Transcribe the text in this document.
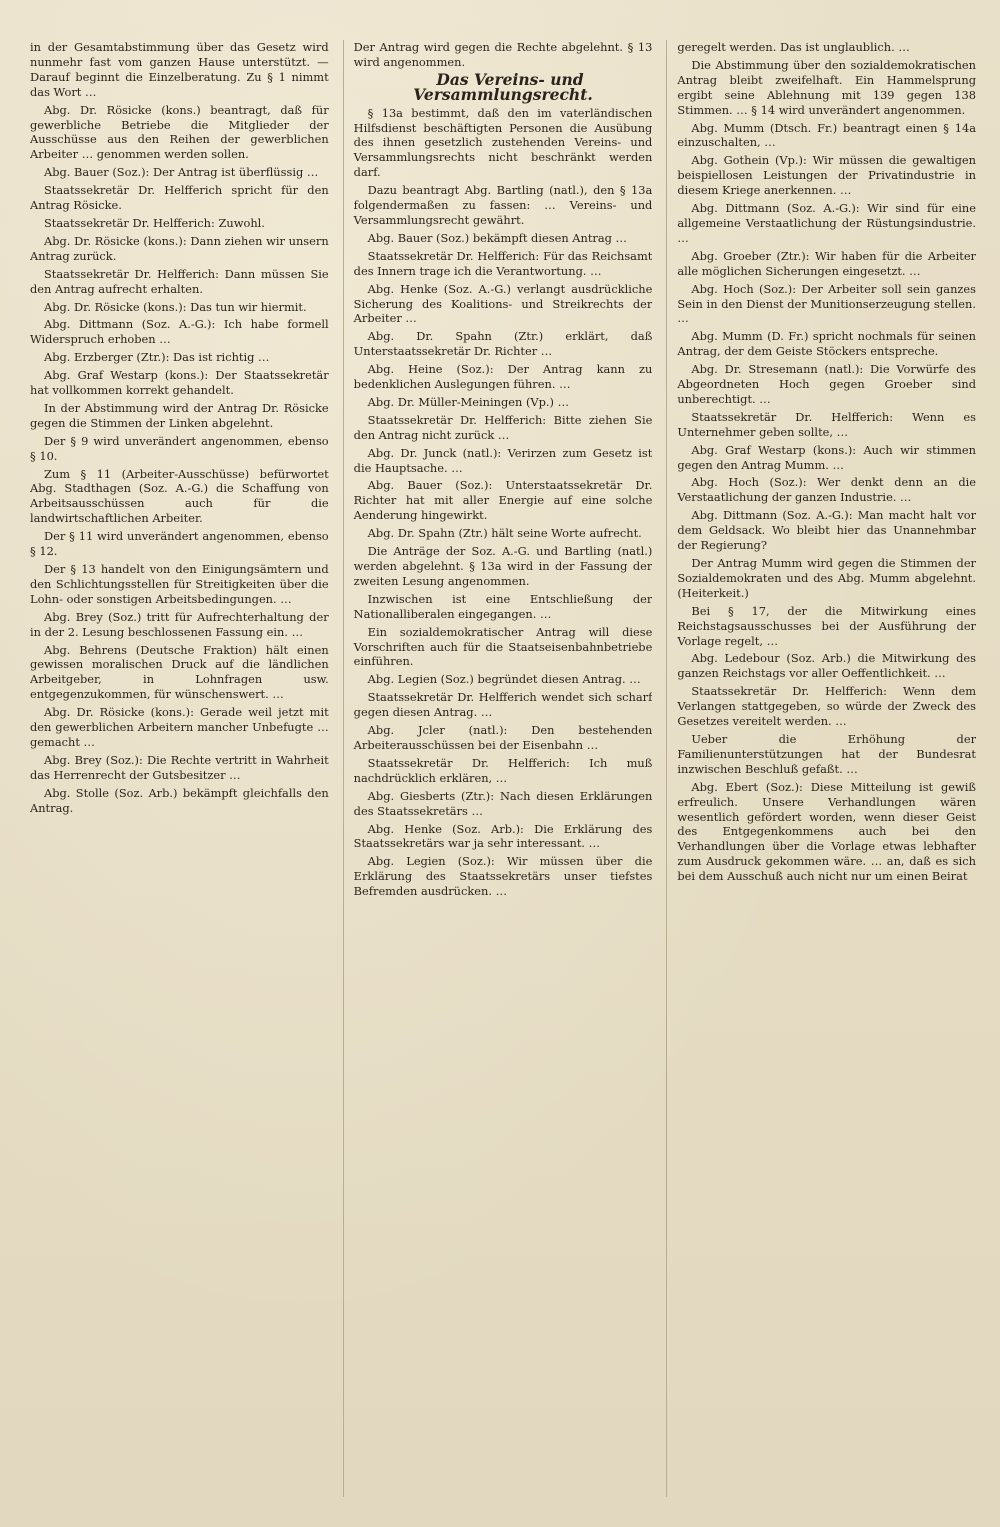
in der Gesamtabstimmung über das Gesetz wird nunmehr fast vom ganzen Hause unterstützt. — Darauf beginnt die Einzelberatung. Zu § 1 nimmt das Wort …

Abg. Dr. Rösicke (kons.) beantragt, daß für gewerbliche Betriebe die Mitglieder der Ausschüsse aus den Reihen der gewerblichen Arbeiter … genommen werden sollen.

Abg. Bauer (Soz.): Der Antrag ist überflüssig …

Staatssekretär Dr. Helfferich spricht für den Antrag Rösicke.

Staatssekretär Dr. Helfferich: Zuwohl.

Abg. Dr. Rösicke (kons.): Dann ziehen wir unsern Antrag zurück.

Staatssekretär Dr. Helfferich: Dann müssen Sie den Antrag aufrecht erhalten.

Abg. Dr. Rösicke (kons.): Das tun wir hiermit.

Abg. Dittmann (Soz. A.-G.): Ich habe formell Widerspruch erhoben …

Abg. Erzberger (Ztr.): Das ist richtig …

Abg. Graf Westarp (kons.): Der Staatssekretär hat vollkommen korrekt gehandelt.

In der Abstimmung wird der Antrag Dr. Rösicke gegen die Stimmen der Linken abgelehnt.

Der § 9 wird unverändert angenommen, ebenso § 10.

Zum § 11 (Arbeiter-Ausschüsse) befürwortet Abg. Stadthagen (Soz. A.-G.) die Schaffung von Arbeitsausschüssen auch für die landwirtschaftlichen Arbeiter.

Der § 11 wird unverändert angenommen, ebenso § 12.

Der § 13 handelt von den Einigungsämtern und den Schlichtungsstellen für Streitigkeiten über die Lohn- oder sonstigen Arbeitsbedingungen. …

Abg. Brey (Soz.) tritt für Aufrechterhaltung der in der 2. Lesung beschlossenen Fassung ein. …

Abg. Behrens (Deutsche Fraktion) hält einen gewissen moralischen Druck auf die ländlichen Arbeitgeber, in Lohnfragen usw. entgegenzukommen, für wünschenswert. …

Abg. Dr. Rösicke (kons.): Gerade weil jetzt mit den gewerblichen Arbeitern mancher Unbefugte … gemacht …

Abg. Brey (Soz.): Die Rechte vertritt in Wahrheit das Herrenrecht der Gutsbesitzer …

Abg. Stolle (Soz. Arb.) bekämpft gleichfalls den Antrag.

Der Antrag wird gegen die Rechte abgelehnt. § 13 wird angenommen.

Das Vereins- und Versammlungsrecht.

§ 13a bestimmt, daß den im vaterländischen Hilfsdienst beschäftigten Personen die Ausübung des ihnen gesetzlich zustehenden Vereins- und Versammlungsrechts nicht beschränkt werden darf.

Dazu beantragt Abg. Bartling (natl.), den § 13a folgendermaßen zu fassen: … Vereins- und Versammlungsrecht gewährt.

Abg. Bauer (Soz.) bekämpft diesen Antrag …

Staatssekretär Dr. Helfferich: Für das Reichsamt des Innern trage ich die Verantwortung. …

Abg. Henke (Soz. A.-G.) verlangt ausdrückliche Sicherung des Koalitions- und Streikrechts der Arbeiter …

Abg. Dr. Spahn (Ztr.) erklärt, daß Unterstaatssekretär Dr. Richter …

Abg. Heine (Soz.): Der Antrag kann zu bedenklichen Auslegungen führen. …

Abg. Dr. Müller-Meiningen (Vp.) …

Staatssekretär Dr. Helfferich: Bitte ziehen Sie den Antrag nicht zurück …

Abg. Dr. Junck (natl.): Verirzen zum Gesetz ist die Hauptsache. …

Abg. Bauer (Soz.): Unterstaatssekretär Dr. Richter hat mit aller Energie auf eine solche Aenderung hingewirkt.

Abg. Dr. Spahn (Ztr.) hält seine Worte aufrecht.

Die Anträge der Soz. A.-G. und Bartling (natl.) werden abgelehnt. § 13a wird in der Fassung der zweiten Lesung angenommen.

Inzwischen ist eine Entschließung der Nationalliberalen eingegangen. …

Ein sozialdemokratischer Antrag will diese Vorschriften auch für die Staatseisenbahnbetriebe einführen.

Abg. Legien (Soz.) begründet diesen Antrag. …

Staatssekretär Dr. Helfferich wendet sich scharf gegen diesen Antrag. …

Abg. Jcler (natl.): Den bestehenden Arbeiterausschüssen bei der Eisenbahn …

Staatssekretär Dr. Helfferich: Ich muß nachdrücklich erklären, …

Abg. Giesberts (Ztr.): Nach diesen Erklärungen des Staatssekretärs …

Abg. Henke (Soz. Arb.): Die Erklärung des Staatssekretärs war ja sehr interessant. …

Abg. Legien (Soz.): Wir müssen über die Erklärung des Staatssekretärs unser tiefstes Befremden ausdrücken. …

geregelt werden. Das ist unglaublich. …

Die Abstimmung über den sozialdemokratischen Antrag bleibt zweifelhaft. Ein Hammelsprung ergibt seine Ablehnung mit 139 gegen 138 Stimmen. … § 14 wird unverändert angenommen.

Abg. Mumm (Dtsch. Fr.) beantragt einen § 14a einzuschalten, …

Abg. Gothein (Vp.): Wir müssen die gewaltigen beispiellosen Leistungen der Privatindustrie in diesem Kriege anerkennen. …

Abg. Dittmann (Soz. A.-G.): Wir sind für eine allgemeine Verstaatlichung der Rüstungsindustrie. …

Abg. Groeber (Ztr.): Wir haben für die Arbeiter alle möglichen Sicherungen eingesetzt. …

Abg. Hoch (Soz.): Der Arbeiter soll sein ganzes Sein in den Dienst der Munitionserzeugung stellen. …

Abg. Mumm (D. Fr.) spricht nochmals für seinen Antrag, der dem Geiste Stöckers entspreche.

Abg. Dr. Stresemann (natl.): Die Vorwürfe des Abgeordneten Hoch gegen Groeber sind unberechtigt. …

Staatssekretär Dr. Helfferich: Wenn es Unternehmer geben sollte, …

Abg. Graf Westarp (kons.): Auch wir stimmen gegen den Antrag Mumm. …

Abg. Hoch (Soz.): Wer denkt denn an die Verstaatlichung der ganzen Industrie. …

Abg. Dittmann (Soz. A.-G.): Man macht halt vor dem Geldsack. Wo bleibt hier das Unannehmbar der Regierung?

Der Antrag Mumm wird gegen die Stimmen der Sozialdemokraten und des Abg. Mumm abgelehnt. (Heiterkeit.)

Bei § 17, der die Mitwirkung eines Reichstagsausschusses bei der Ausführung der Vorlage regelt, …

Abg. Ledebour (Soz. Arb.) die Mitwirkung des ganzen Reichstags vor aller Oeffentlichkeit. …

Staatssekretär Dr. Helfferich: Wenn dem Verlangen stattgegeben, so würde der Zweck des Gesetzes vereitelt werden. …

Ueber die Erhöhung der Familienunterstützungen hat der Bundesrat inzwischen Beschluß gefaßt. …

Abg. Ebert (Soz.): Diese Mitteilung ist gewiß erfreulich. Unsere Verhandlungen wären wesentlich gefördert worden, wenn dieser Geist des Entgegenkommens auch bei den Verhandlungen über die Vorlage etwas lebhafter zum Ausdruck gekommen wäre. … an, daß es sich bei dem Ausschuß auch nicht nur um einen Beirat
